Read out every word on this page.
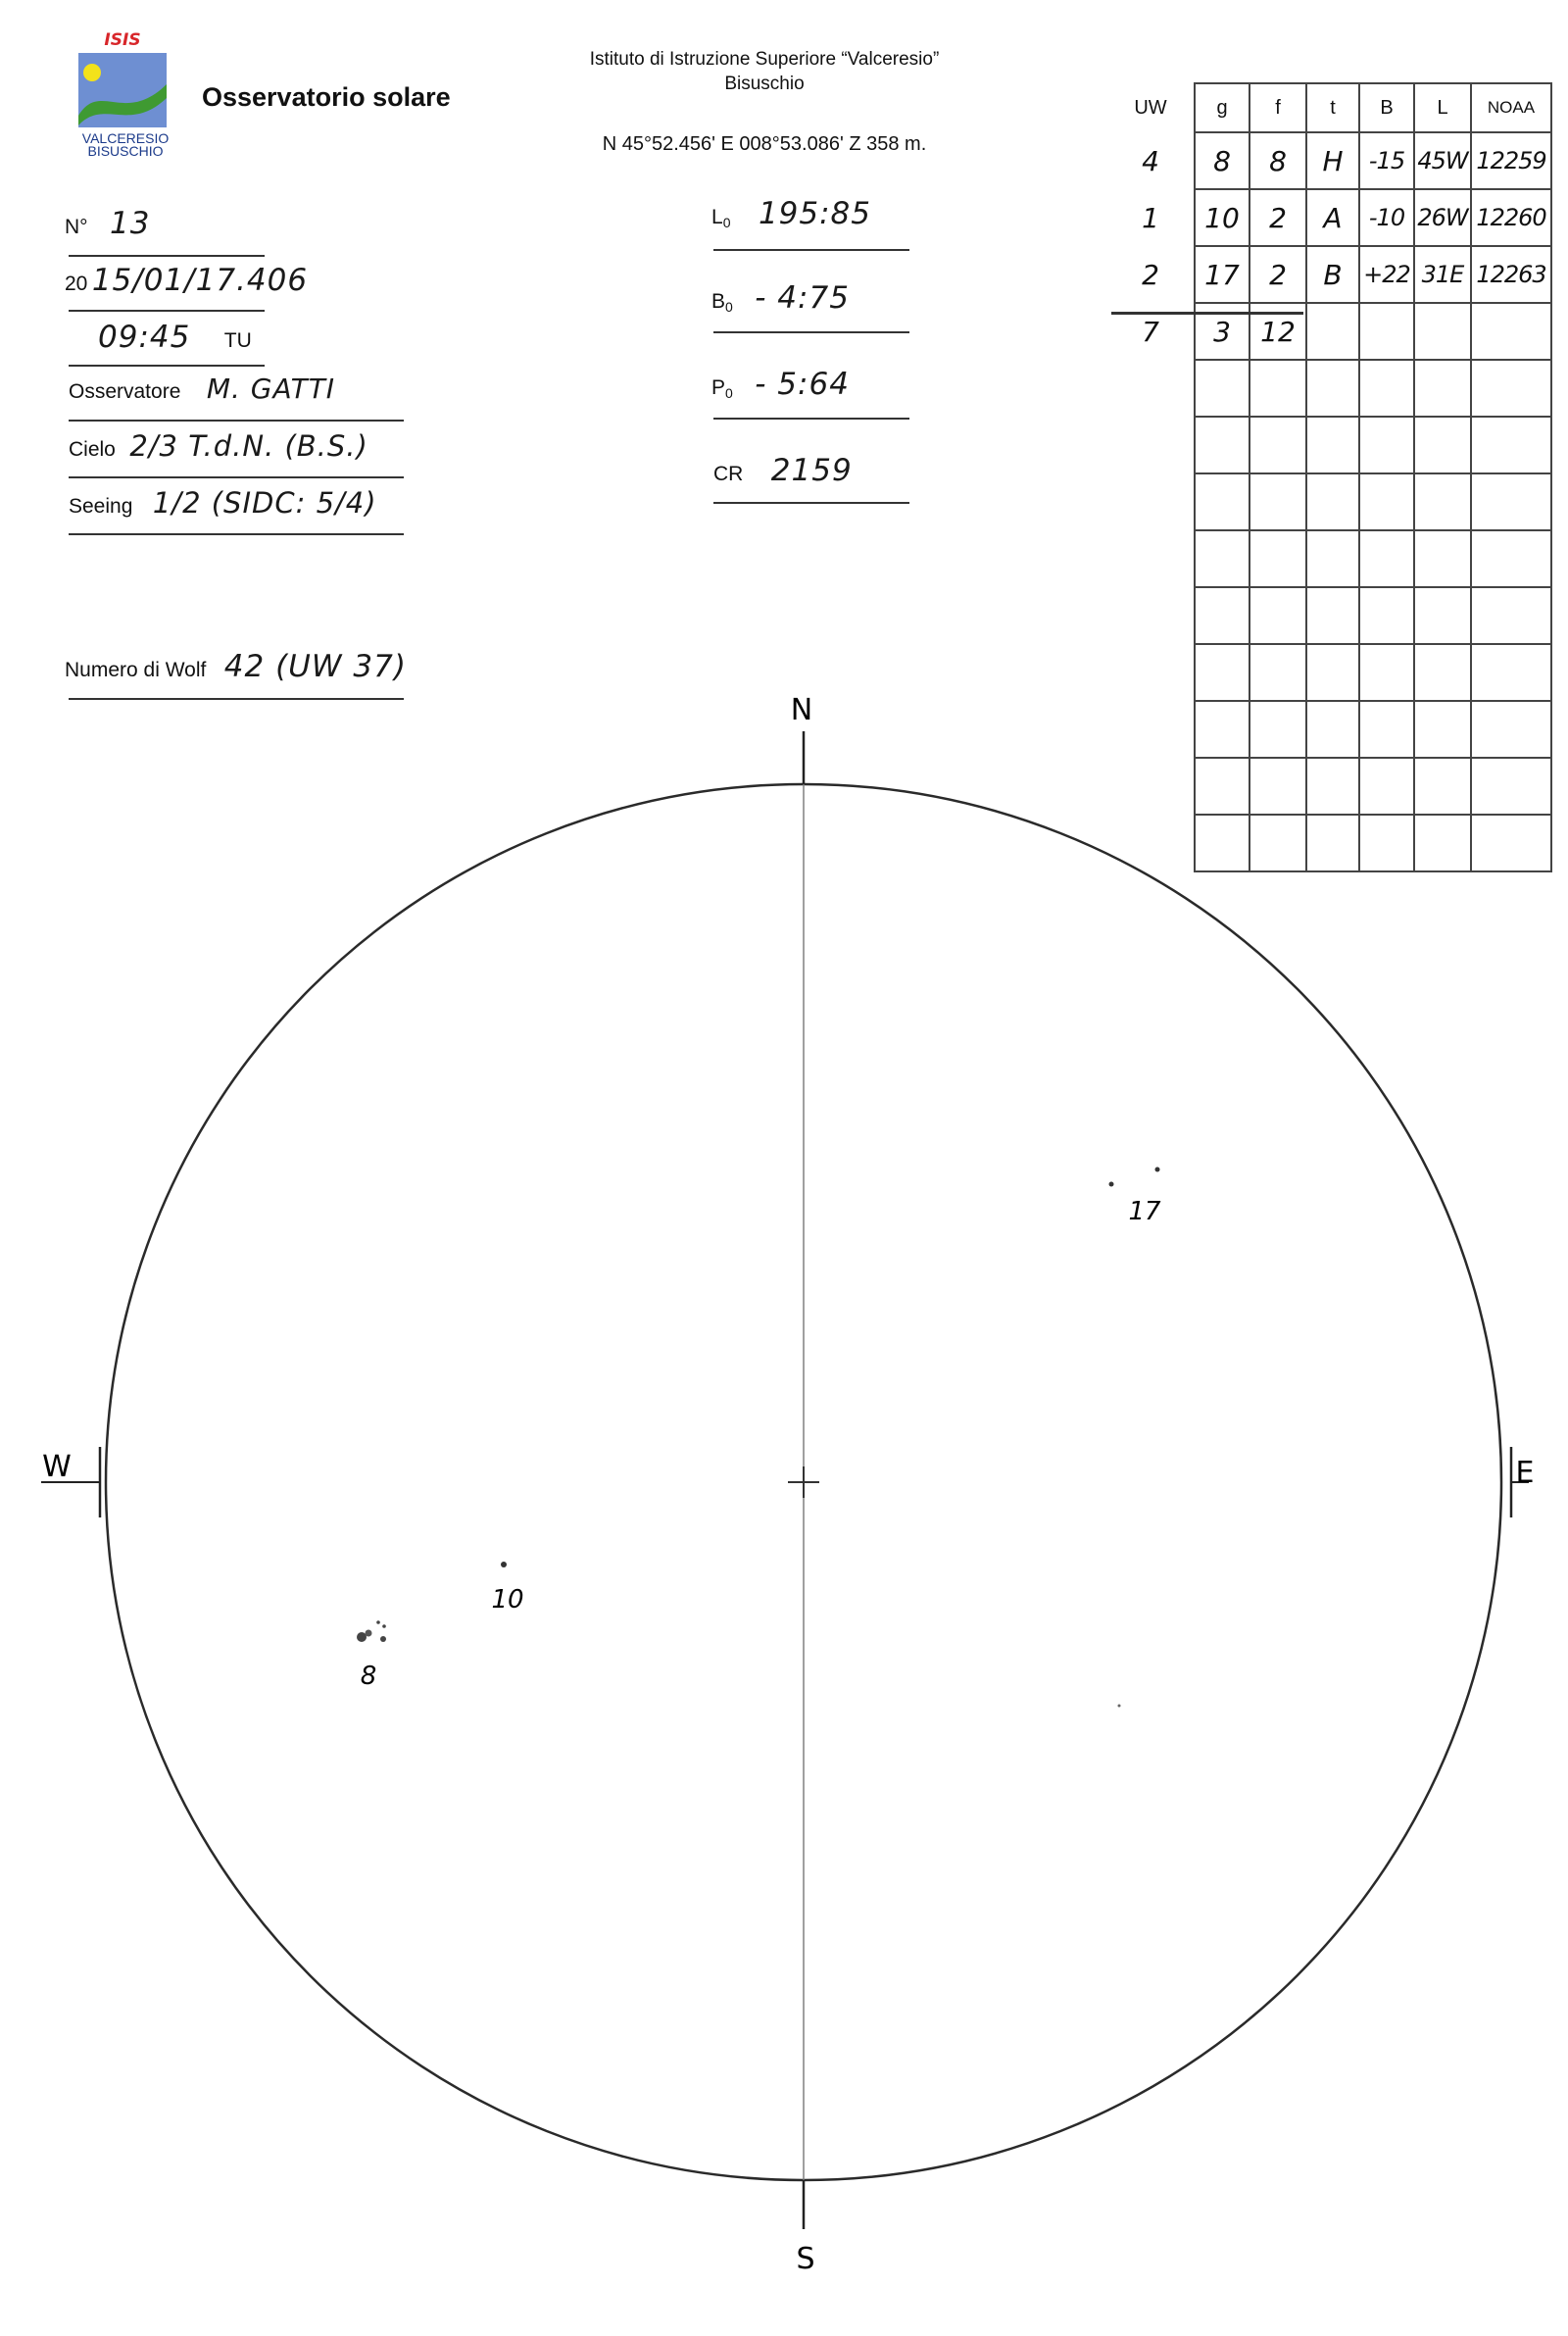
ISIS
VALCERESIO
BISUSCHIO
Osservatorio solare
Istituto di Istruzione Superiore “Valceresio”
Bisuschio
N 45°52.456' E 008°53.086' Z 358 m.
N° 13
20 15/01/17.406
09:45 TU
Osservatore M. GATTI
Cielo 2/3 T.d.N. (B.S.)
Seeing 1/2 (SIDC: 5/4)
Numero di Wolf 42 (UW 37)
$L_0$ 195:85
$B_0$ - 4:75
$P_0$ - 5:64
CR 2159
UW	g	f	t	B	L	NOAA
4	8	8	H	-15	45W	12259
1	10	2	A	-10	26W	12260
2	17	2	B	+22	31E	12263
7	3	12				

N
S
W	E
17
10
8
